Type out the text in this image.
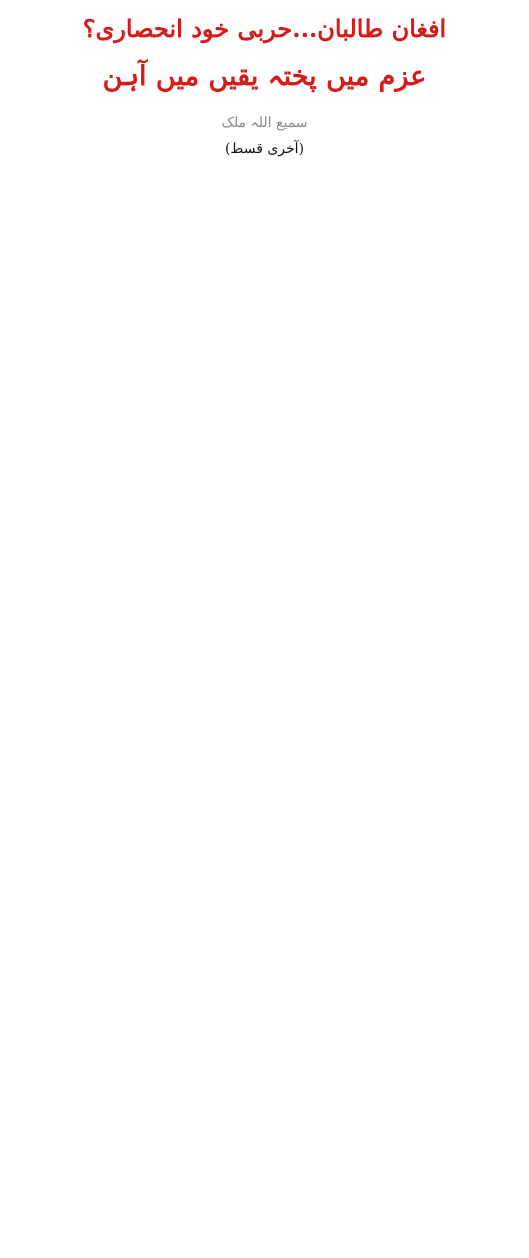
افغان طالبان...حربی خود انحصاری؟
عزم میں پختہ یقیں میں آہن
سمیع اللہ ملک
(آخری قسط)
